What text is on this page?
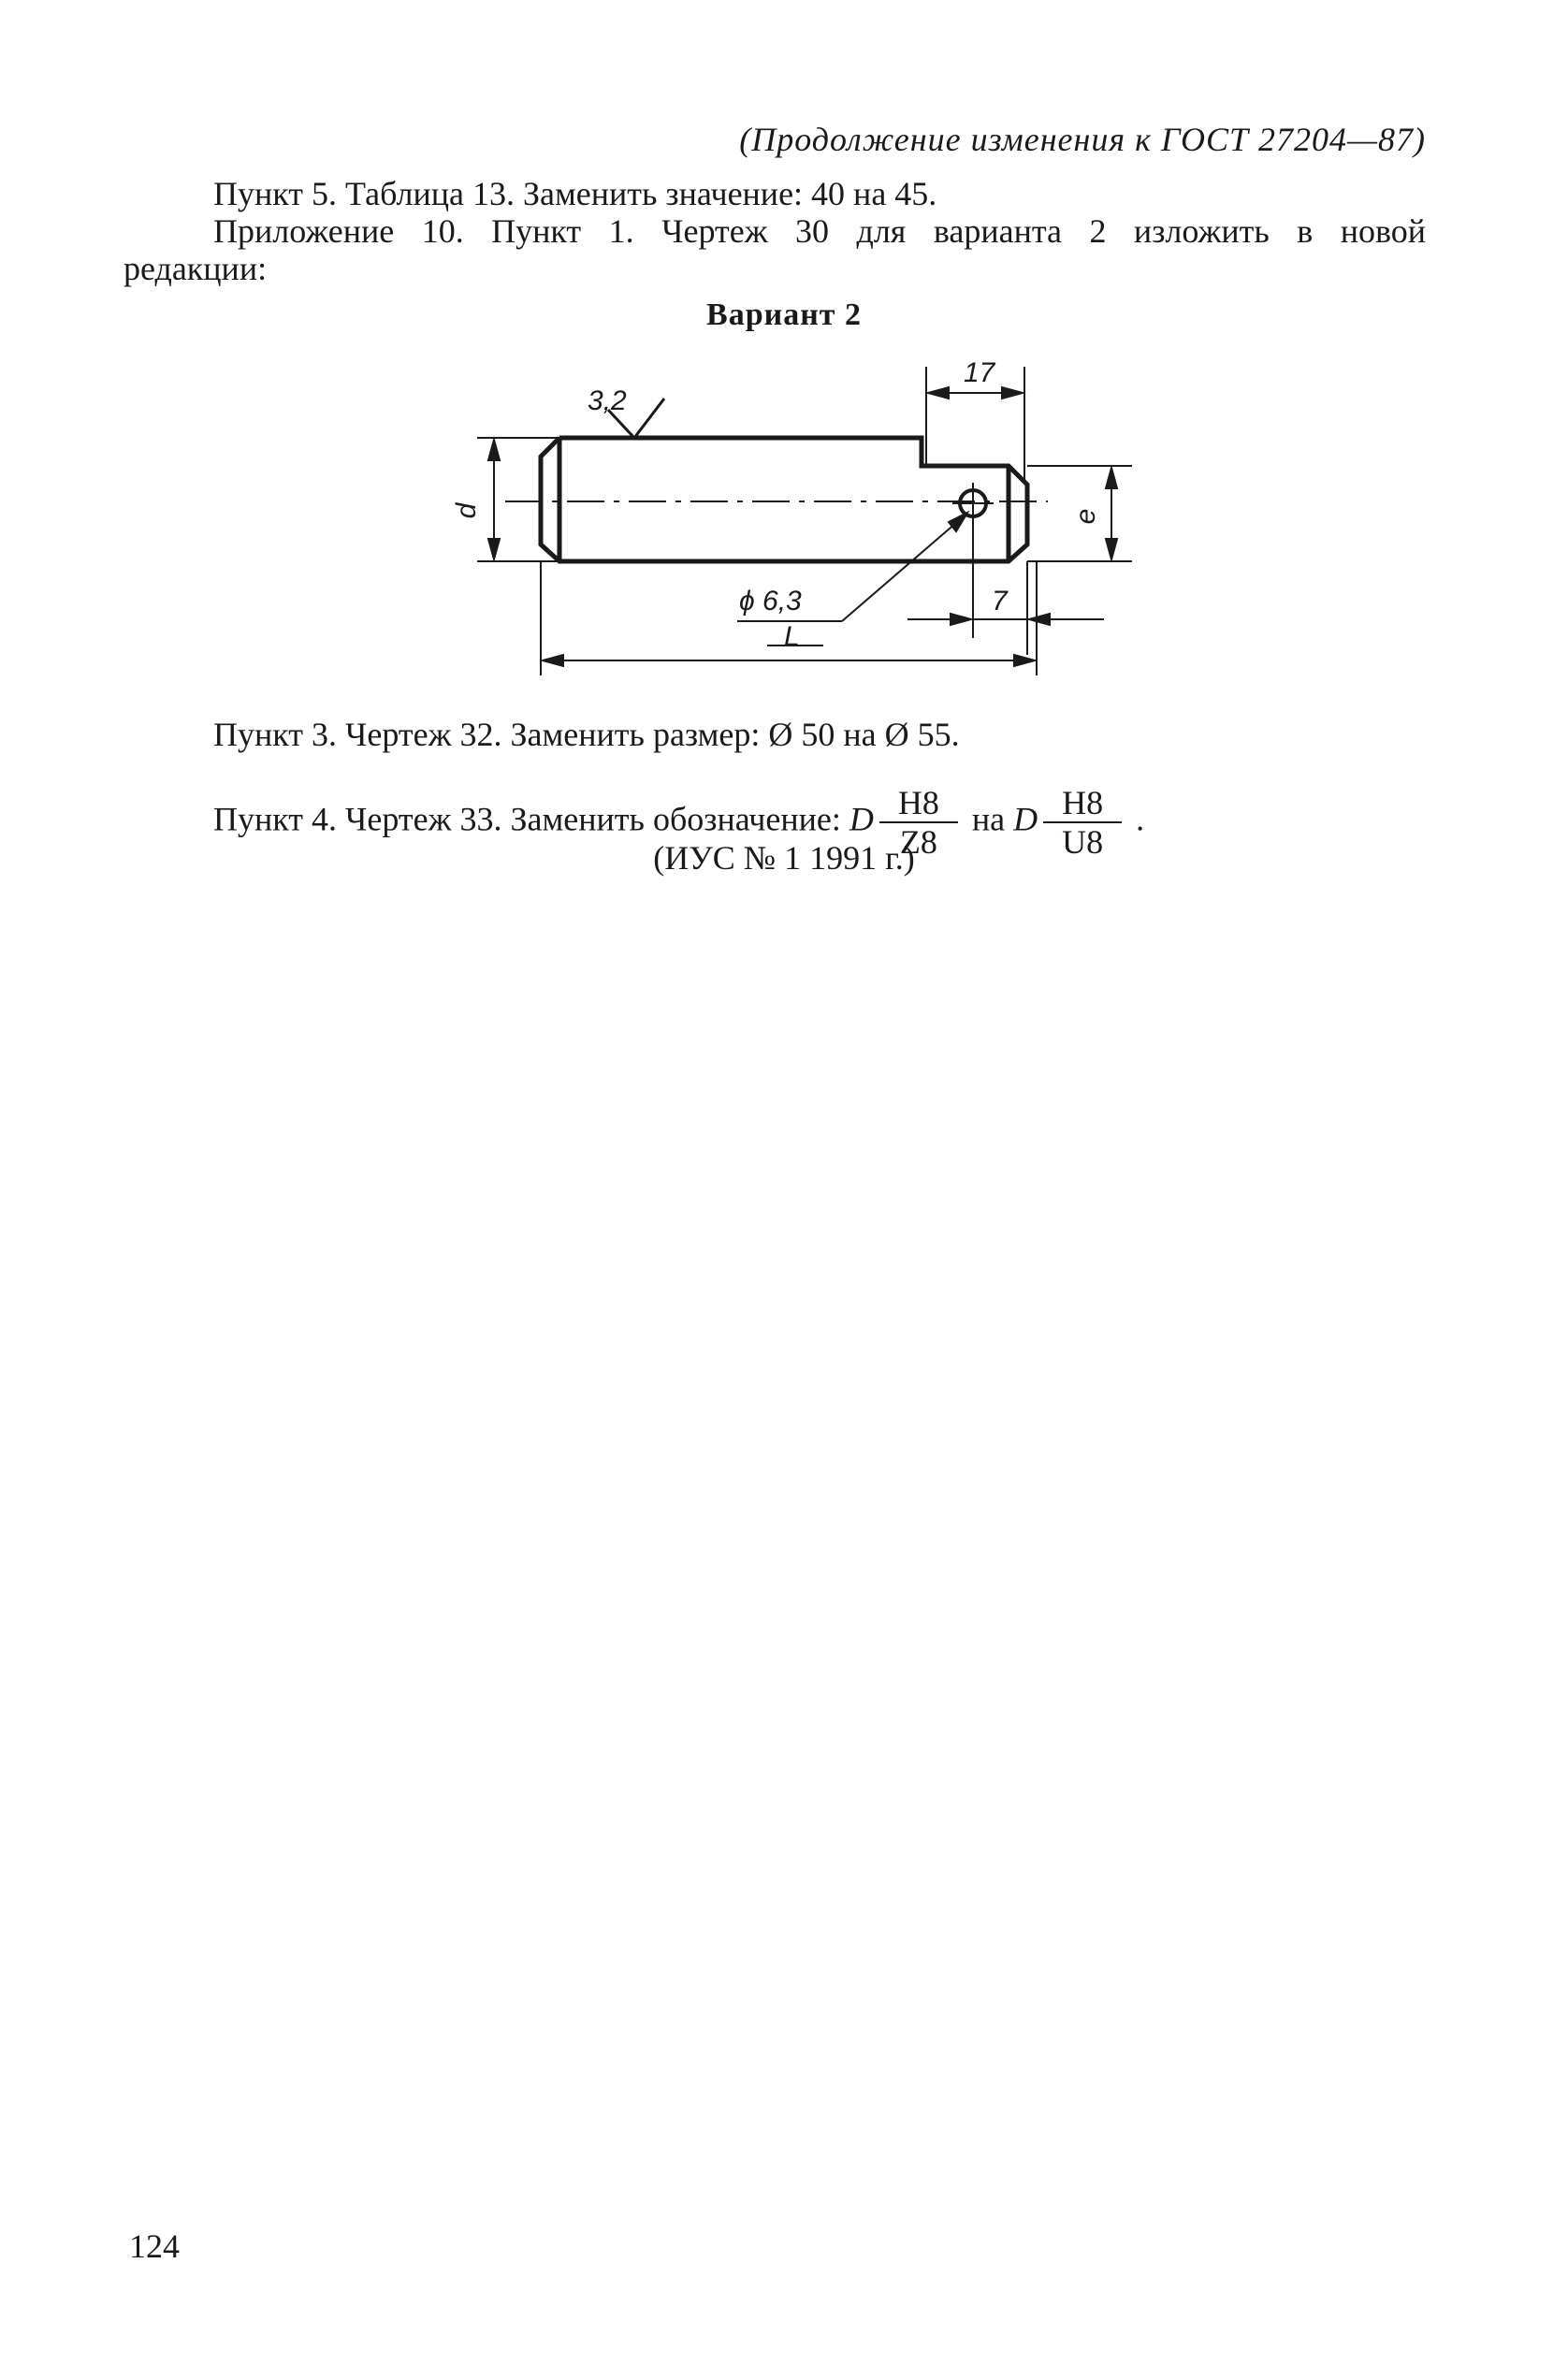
(Продолжение изменения к ГОСТ 27204—87)
Пункт 5. Таблица 13. Заменить значение: 40 на 45.
Приложение 10. Пункт 1. Чертеж 30 для варианта 2 изложить в новой
редакции:
Вариант 2
3,2
17
d	e
ϕ 6,3	7
L
Пункт 3. Чертеж 32. Заменить размер: Ø 50 на Ø 55.
Пункт 4. Чертеж 33. Заменить обозначение: D $\frac{H8}{Z8}$ на D $\frac{H8}{U8}$ .
(ИУС № 1 1991 г.)
124
